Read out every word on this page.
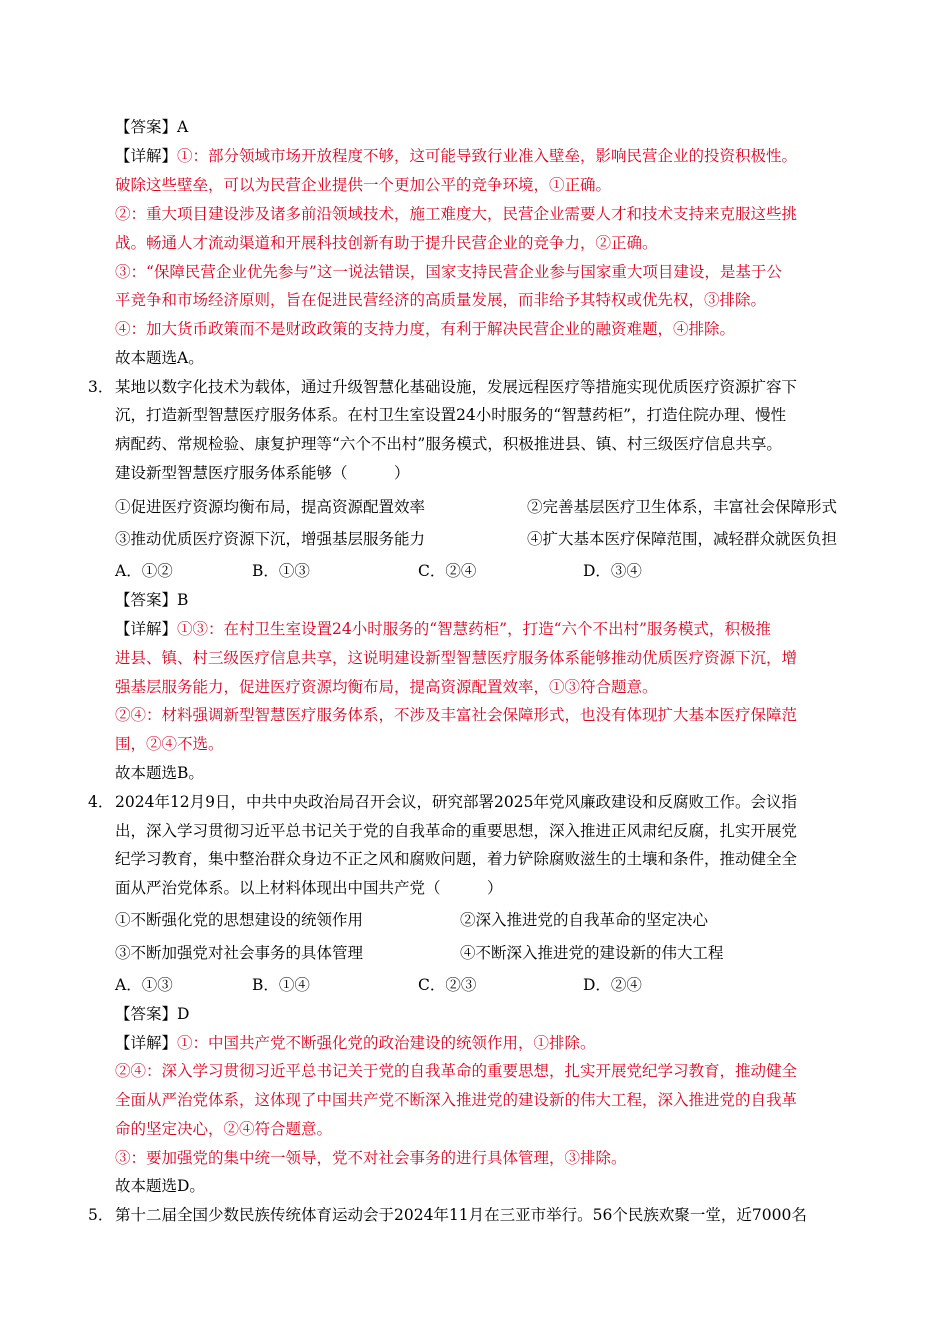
【答案】A
【详解】①：部分领域市场开放程度不够，这可能导致行业准入壁垒，影响民营企业的投资积极性。
破除这些壁垒，可以为民营企业提供一个更加公平的竞争环境，①正确。
②：重大项目建设涉及诸多前沿领域技术，施工难度大，民营企业需要人才和技术支持来克服这些挑
战。畅通人才流动渠道和开展科技创新有助于提升民营企业的竞争力，②正确。
③：“保障民营企业优先参与”这一说法错误，国家支持民营企业参与国家重大项目建设，是基于公
平竞争和市场经济原则，旨在促进民营经济的高质量发展，而非给予其特权或优先权，③排除。
④：加大货币政策而不是财政政策的支持力度，有利于解决民营企业的融资难题，④排除。
故本题选A。
3． 某地以数字化技术为载体，通过升级智慧化基础设施，发展远程医疗等措施实现优质医疗资源扩容下
沉，打造新型智慧医疗服务体系。在村卫生室设置24小时服务的“智慧药柜”，打造住院办理、慢性
病配药、常规检验、康复护理等“六个不出村”服务模式，积极推进县、镇、村三级医疗信息共享。
建设新型智慧医疗服务体系能够（　　　）
①促进医疗资源均衡布局，提高资源配置效率	②完善基层医疗卫生体系，丰富社会保障形式
③推动优质医疗资源下沉，增强基层服务能力	④扩大基本医疗保障范围，减轻群众就医负担
A．①②	B．①③	C．②④	D．③④
【答案】B
【详解】①③：在村卫生室设置24小时服务的“智慧药柜”，打造“六个不出村”服务模式，积极推
进县、镇、村三级医疗信息共享，这说明建设新型智慧医疗服务体系能够推动优质医疗资源下沉，增
强基层服务能力，促进医疗资源均衡布局，提高资源配置效率，①③符合题意。
②④：材料强调新型智慧医疗服务体系，不涉及丰富社会保障形式，也没有体现扩大基本医疗保障范
围，②④不选。
故本题选B。
4． 2024年12月9日，中共中央政治局召开会议，研究部署2025年党风廉政建设和反腐败工作。会议指
出，深入学习贯彻习近平总书记关于党的自我革命的重要思想，深入推进正风肃纪反腐，扎实开展党
纪学习教育，集中整治群众身边不正之风和腐败问题，着力铲除腐败滋生的土壤和条件，推动健全全
面从严治党体系。以上材料体现出中国共产党（　　　）
①不断强化党的思想建设的统领作用	②深入推进党的自我革命的坚定决心
③不断加强党对社会事务的具体管理	④不断深入推进党的建设新的伟大工程
A．①③	B．①④	C．②③	D．②④
【答案】D
【详解】①：中国共产党不断强化党的政治建设的统领作用，①排除。
②④：深入学习贯彻习近平总书记关于党的自我革命的重要思想，扎实开展党纪学习教育，推动健全
全面从严治党体系，这体现了中国共产党不断深入推进党的建设新的伟大工程，深入推进党的自我革
命的坚定决心，②④符合题意。
③：要加强党的集中统一领导，党不对社会事务的进行具体管理，③排除。
故本题选D。
5． 第十二届全国少数民族传统体育运动会于2024年11月在三亚市举行。56个民族欢聚一堂，近7000名
